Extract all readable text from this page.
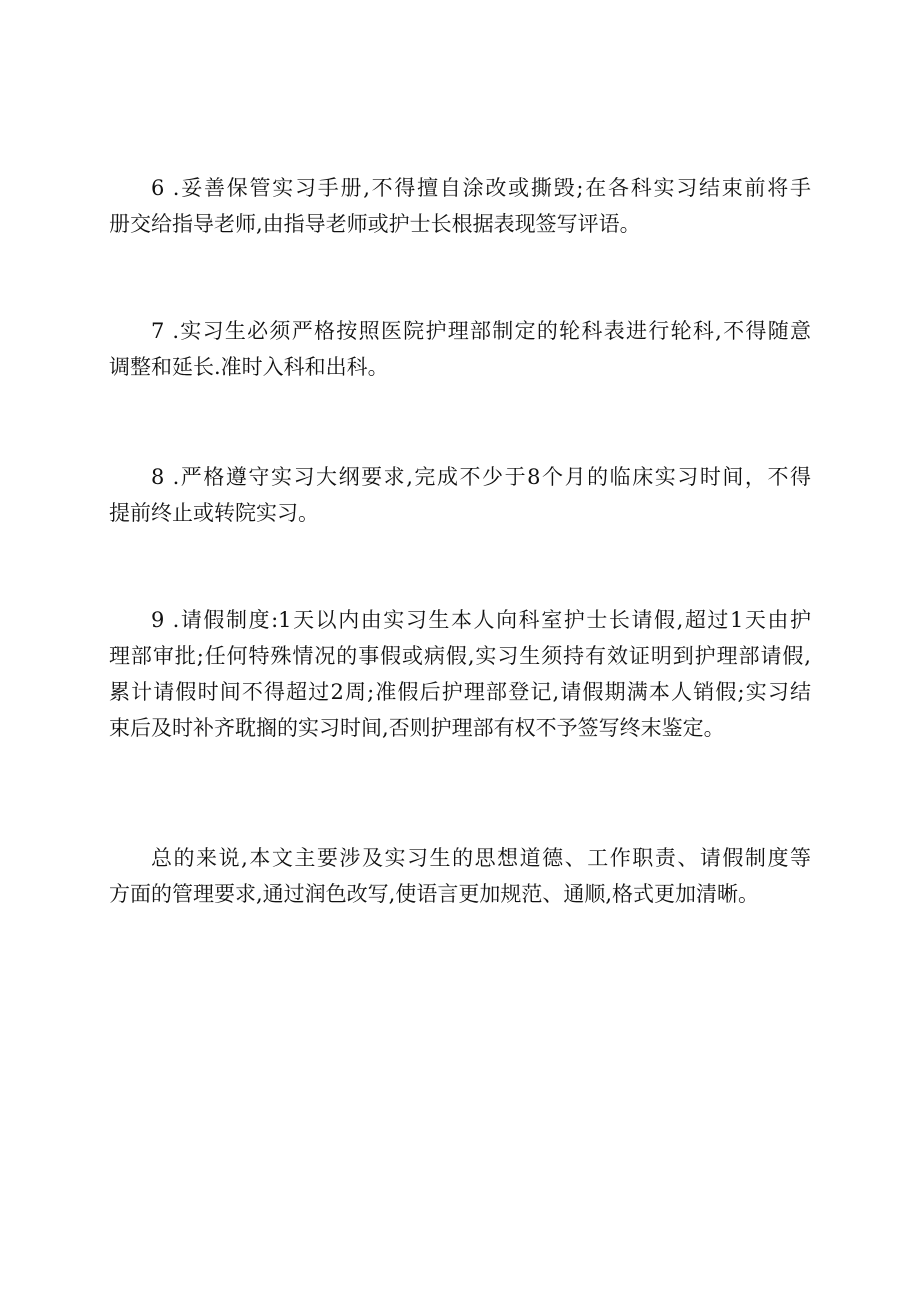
6 .妥善保管实习手册,不得擅自涂改或撕毁;在各科实习结束前将手
册交给指导老师,由指导老师或护士长根据表现签写评语。
7 .实习生必须严格按照医院护理部制定的轮科表进行轮科,不得随意
调整和延长.准时入科和出科。
8 .严格遵守实习大纲要求,完成不少于8个月的临床实习时间，不得
提前终止或转院实习。
9 .请假制度:1天以内由实习生本人向科室护士长请假,超过1天由护
理部审批;任何特殊情况的事假或病假,实习生须持有效证明到护理部请假,
累计请假时间不得超过2周;准假后护理部登记,请假期满本人销假;实习结
束后及时补齐耽搁的实习时间,否则护理部有权不予签写终末鉴定。
总的来说,本文主要涉及实习生的思想道德、工作职责、请假制度等
方面的管理要求,通过润色改写,使语言更加规范、通顺,格式更加清晰。
